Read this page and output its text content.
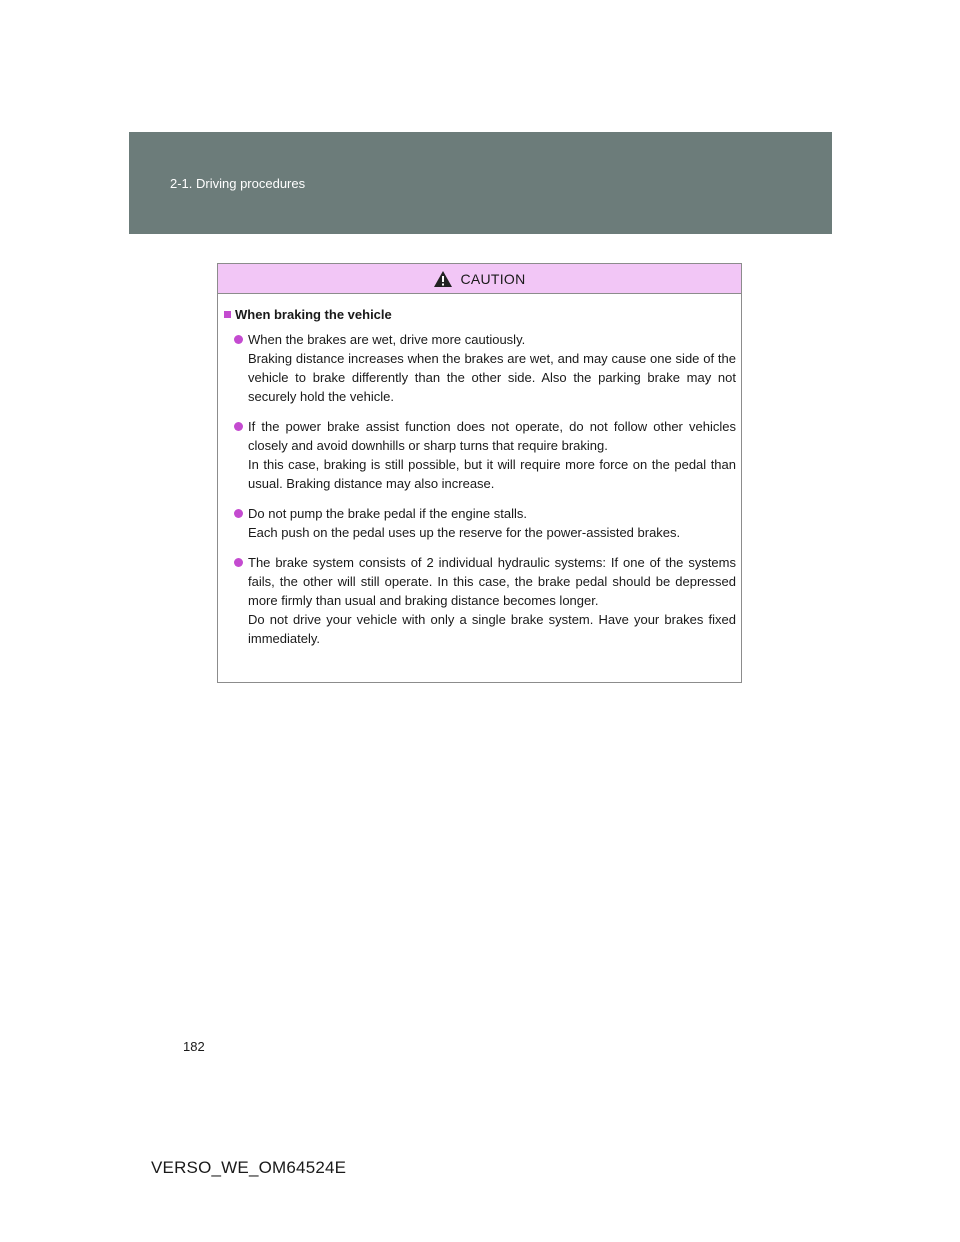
2-1. Driving procedures
CAUTION
When braking the vehicle

When the brakes are wet, drive more cautiously.

Braking distance increases when the brakes are wet, and may cause one side of the vehicle to brake differently than the other side. Also the parking brake may not securely hold the vehicle.

If the power brake assist function does not operate, do not follow other vehicles closely and avoid downhills or sharp turns that require braking.

In this case, braking is still possible, but it will require more force on the pedal than usual. Braking distance may also increase.

Do not pump the brake pedal if the engine stalls.

Each push on the pedal uses up the reserve for the power-assisted brakes.

The brake system consists of 2 individual hydraulic systems: If one of the systems fails, the other will still operate. In this case, the brake pedal should be depressed more firmly than usual and braking distance becomes longer.

Do not drive your vehicle with only a single brake system. Have your brakes fixed immediately.

182
VERSO_WE_OM64524E
